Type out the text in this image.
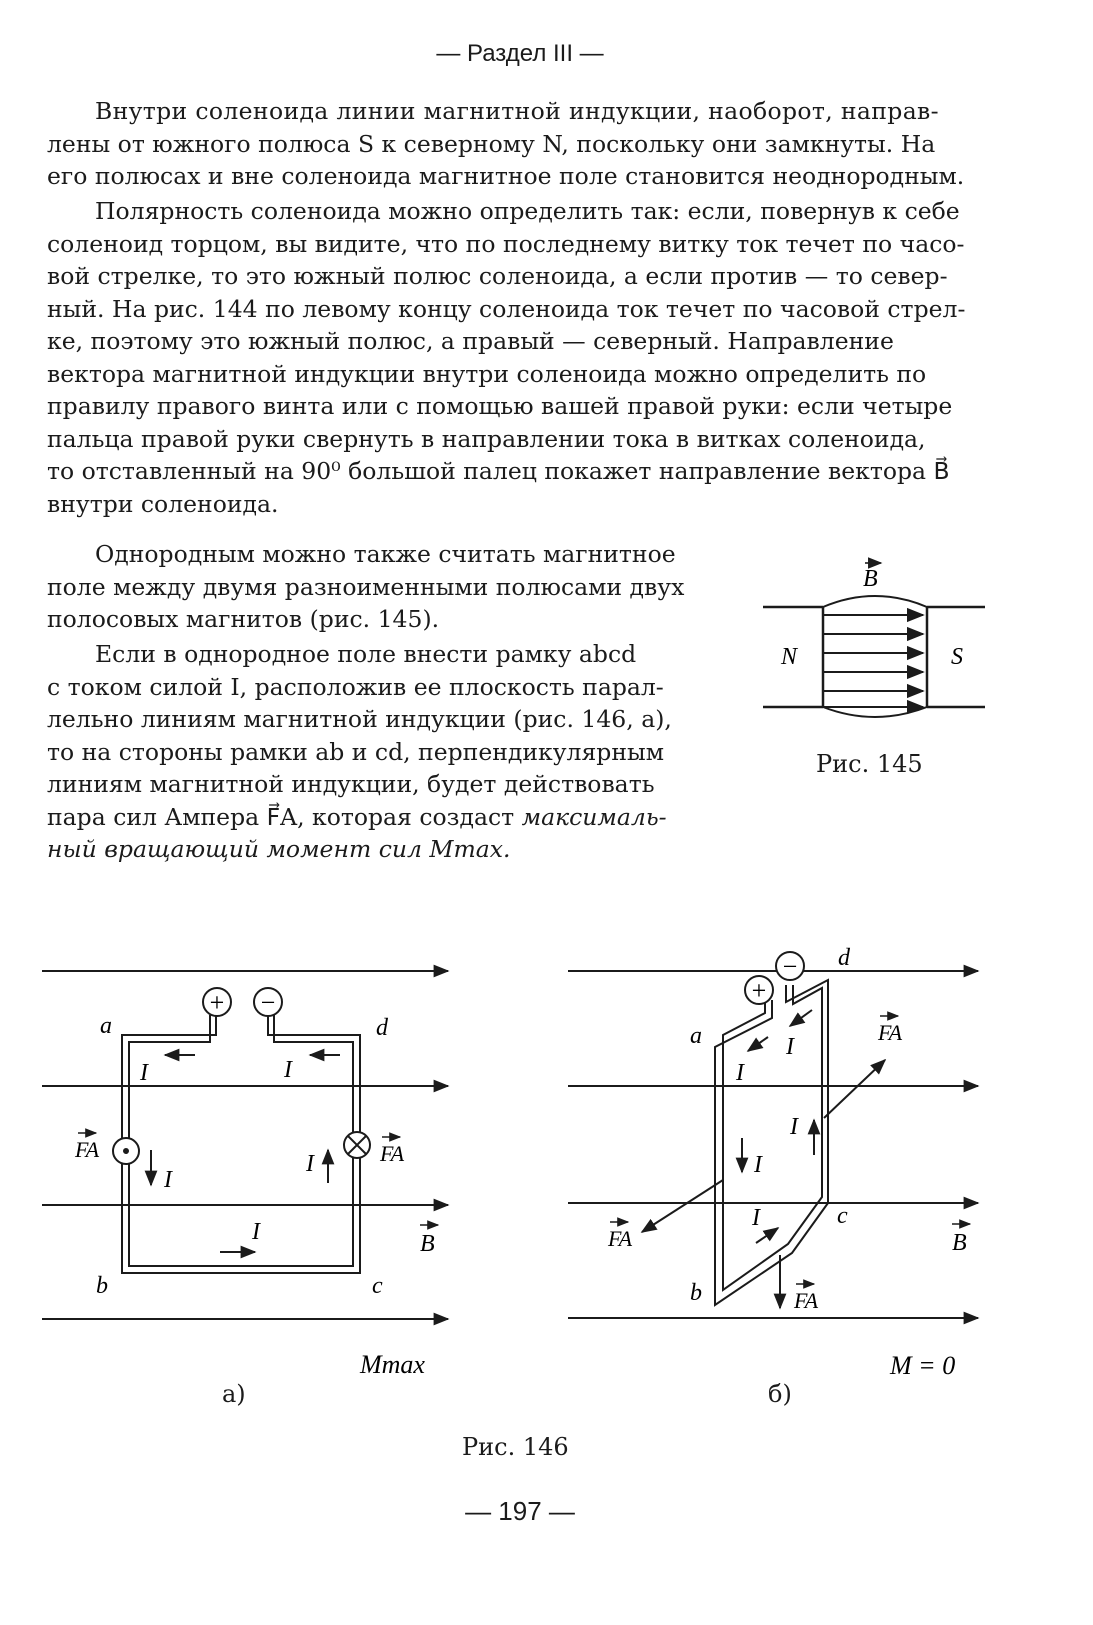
— Раздел III —

Внутри соленоида линии магнитной индукции, наоборот, направ-
лены от южного полюса S к северному N, поскольку они замкнуты. На
его полюсах и вне соленоида магнитное поле становится неоднородным.

Полярность соленоида можно определить так: если, повернув к себе
соленоид торцом, вы видите, что по последнему витку ток течет по часо-
вой стрелке, то это южный полюс соленоида, а если против — то север-
ный. На рис. 144 по левому концу соленоида ток течет по часовой стрел-
ке, поэтому это южный полюс, а правый — северный. Направление
вектора магнитной индукции внутри соленоида можно определить по
правилу правого винта или с помощью вашей правой руки: если четыре
пальца правой руки свернуть в направлении тока в витках соленоида,
то отставленный на 90⁰ большой палец покажет направление вектора B⃗
внутри соленоида.

Однородным можно также считать магнитное
поле между двумя разноименными полюсами двух
полосовых магнитов (рис. 145).

Если в однородное поле внести рамку abcd
с током силой I, расположив ее плоскость парал-
лельно линиям магнитной индукции (рис. 146, а),
то на стороны рамки ab и cd, перпендикулярным
линиям магнитной индукции, будет действовать
пара сил Ампера F⃗A, которая создаст максималь-
ный вращающий момент сил Mmax.

B
N	S
Рис. 145
+ −
a
b	c
d
I	I
I
I
I
FA	FA
B
Mmax
а)
+
−
a
b
c
d
I
I
I
I
I
FA
FA
FA
B
M = 0
б)
Рис. 146
— 197 —
